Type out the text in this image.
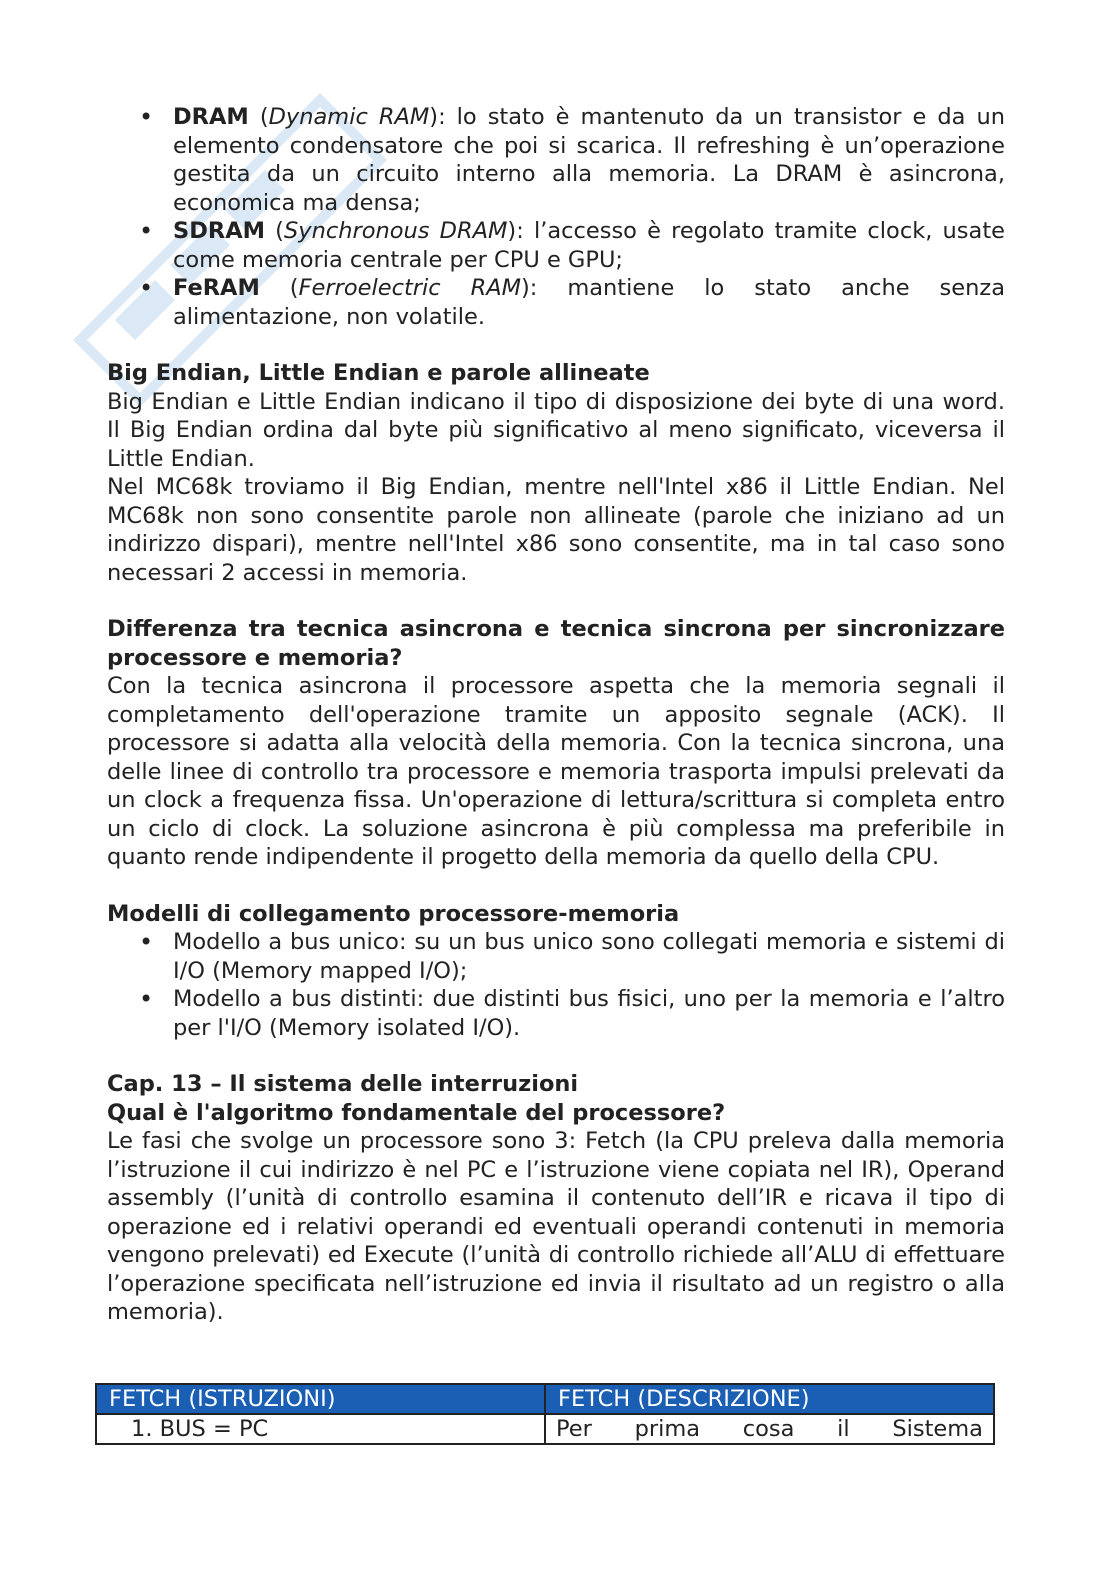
• DRAM (Dynamic RAM): lo stato è mantenuto da un transistor e da un elemento condensatore che poi si scarica. Il refreshing è un’operazione gestita da un circuito interno alla memoria. La DRAM è asincrona, economica ma densa;
• SDRAM (Synchronous DRAM): l’accesso è regolato tramite clock, usate come memoria centrale per CPU e GPU;
• FeRAM (Ferroelectric RAM): mantiene lo stato anche senza alimentazione, non volatile.
Big Endian, Little Endian e parole allineate

Big Endian e Little Endian indicano il tipo di disposizione dei byte di una word. Il Big Endian ordina dal byte più significativo al meno significato, viceversa il Little Endian.

Nel MC68k troviamo il Big Endian, mentre nell'Intel x86 il Little Endian. Nel MC68k non sono consentite parole non allineate (parole che iniziano ad un indirizzo dispari), mentre nell'Intel x86 sono consentite, ma in tal caso sono necessari 2 accessi in memoria.

Differenza tra tecnica asincrona e tecnica sincrona per sincronizzare processore e memoria?

Con la tecnica asincrona il processore aspetta che la memoria segnali il completamento dell'operazione tramite un apposito segnale (ACK). Il processore si adatta alla velocità della memoria. Con la tecnica sincrona, una delle linee di controllo tra processore e memoria trasporta impulsi prelevati da un clock a frequenza fissa. Un'operazione di lettura/scrittura si completa entro un ciclo di clock. La soluzione asincrona è più complessa ma preferibile in quanto rende indipendente il progetto della memoria da quello della CPU.

Modelli di collegamento processore-memoria
• Modello a bus unico: su un bus unico sono collegati memoria e sistemi di I/O (Memory mapped I/O);
• Modello a bus distinti: due distinti bus fisici, uno per la memoria e l’altro per l'I/O (Memory isolated I/O).
Cap. 13 – Il sistema delle interruzioni
Qual è l'algoritmo fondamentale del processore?

Le fasi che svolge un processore sono 3: Fetch (la CPU preleva dalla memoria l’istruzione il cui indirizzo è nel PC e l’istruzione viene copiata nel IR), Operand assembly (l’unità di controllo esamina il contenuto dell’IR e ricava il tipo di operazione ed i relativi operandi ed eventuali operandi contenuti in memoria vengono prelevati) ed Execute (l’unità di controllo richiede all’ALU di effettuare l’operazione specificata nell’istruzione ed invia il risultato ad un registro o alla memoria).

FETCH (ISTRUZIONI)	FETCH (DESCRIZIONE)
1. BUS = PC	Per prima cosa il Sistema
